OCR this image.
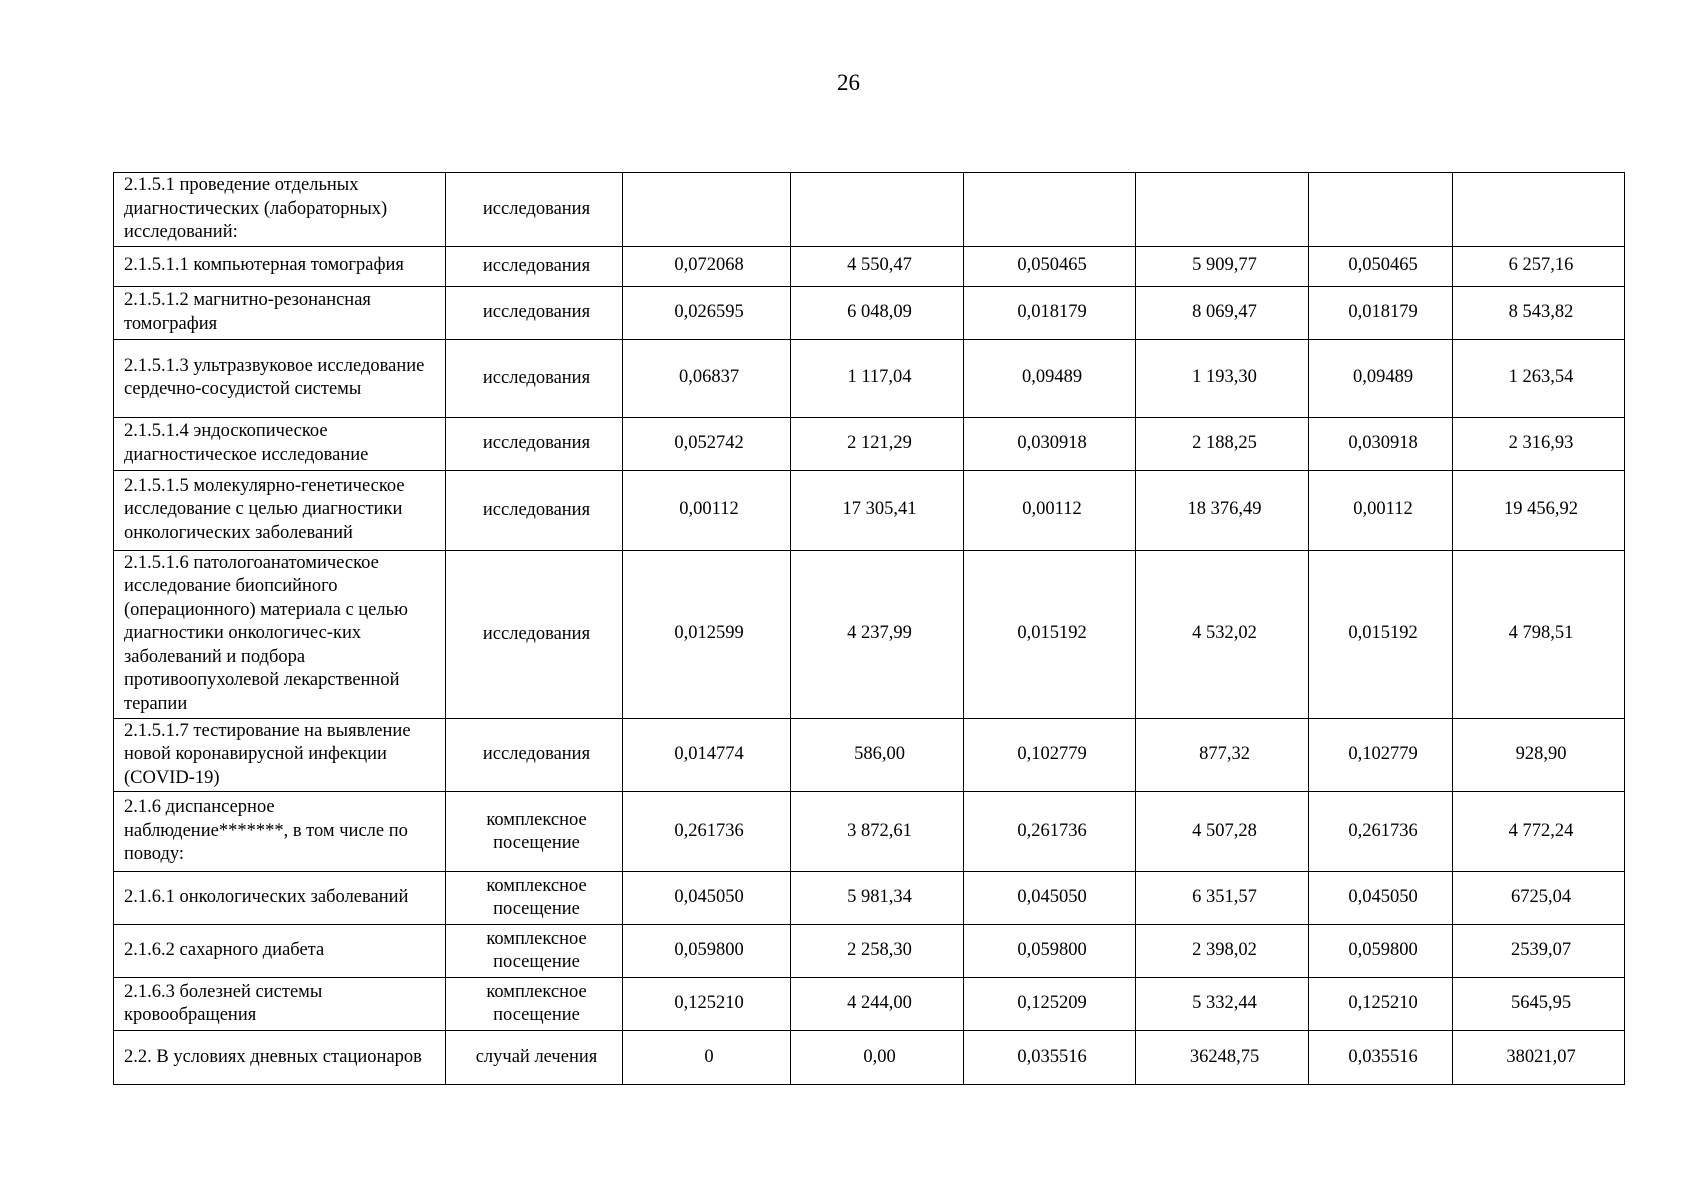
26
2.1.5.1 проведение отдельных диагностических (лабораторных) исследований:	исследования						
2.1.5.1.1 компьютерная томография	исследования	0,072068	4 550,47	0,050465	5 909,77	0,050465	6 257,16
2.1.5.1.2 магнитно-резонансная томография	исследования	0,026595	6 048,09	0,018179	8 069,47	0,018179	8 543,82
2.1.5.1.3 ультразвуковое исследование сердечно-сосудистой системы	исследования	0,06837	1 117,04	0,09489	1 193,30	0,09489	1 263,54
2.1.5.1.4 эндоскопическое диагностическое исследование	исследования	0,052742	2 121,29	0,030918	2 188,25	0,030918	2 316,93
2.1.5.1.5 молекулярно-генетическое исследование с целью диагностики онкологических заболеваний	исследования	0,00112	17 305,41	0,00112	18 376,49	0,00112	19 456,92
2.1.5.1.6 патологоанатомическое исследование биопсийного (операционного) материала с целью диагностики онкологичес-ких заболеваний и подбора противоопухолевой лекарственной терапии	исследования	0,012599	4 237,99	0,015192	4 532,02	0,015192	4 798,51
2.1.5.1.7 тестирование на выявление новой коронавирусной инфекции (COVID-19)	исследования	0,014774	586,00	0,102779	877,32	0,102779	928,90
2.1.6 диспансерное наблюдение*******, в том числе по поводу:	комплексное посещение	0,261736	3 872,61	0,261736	4 507,28	0,261736	4 772,24
2.1.6.1 онкологических заболеваний	комплексное посещение	0,045050	5 981,34	0,045050	6 351,57	0,045050	6725,04
2.1.6.2 сахарного диабета	комплексное посещение	0,059800	2 258,30	0,059800	2 398,02	0,059800	2539,07
2.1.6.3 болезней системы кровообращения	комплексное посещение	0,125210	4 244,00	0,125209	5 332,44	0,125210	5645,95
2.2. В условиях дневных стационаров	случай лечения	0	0,00	0,035516	36248,75	0,035516	38021,07
